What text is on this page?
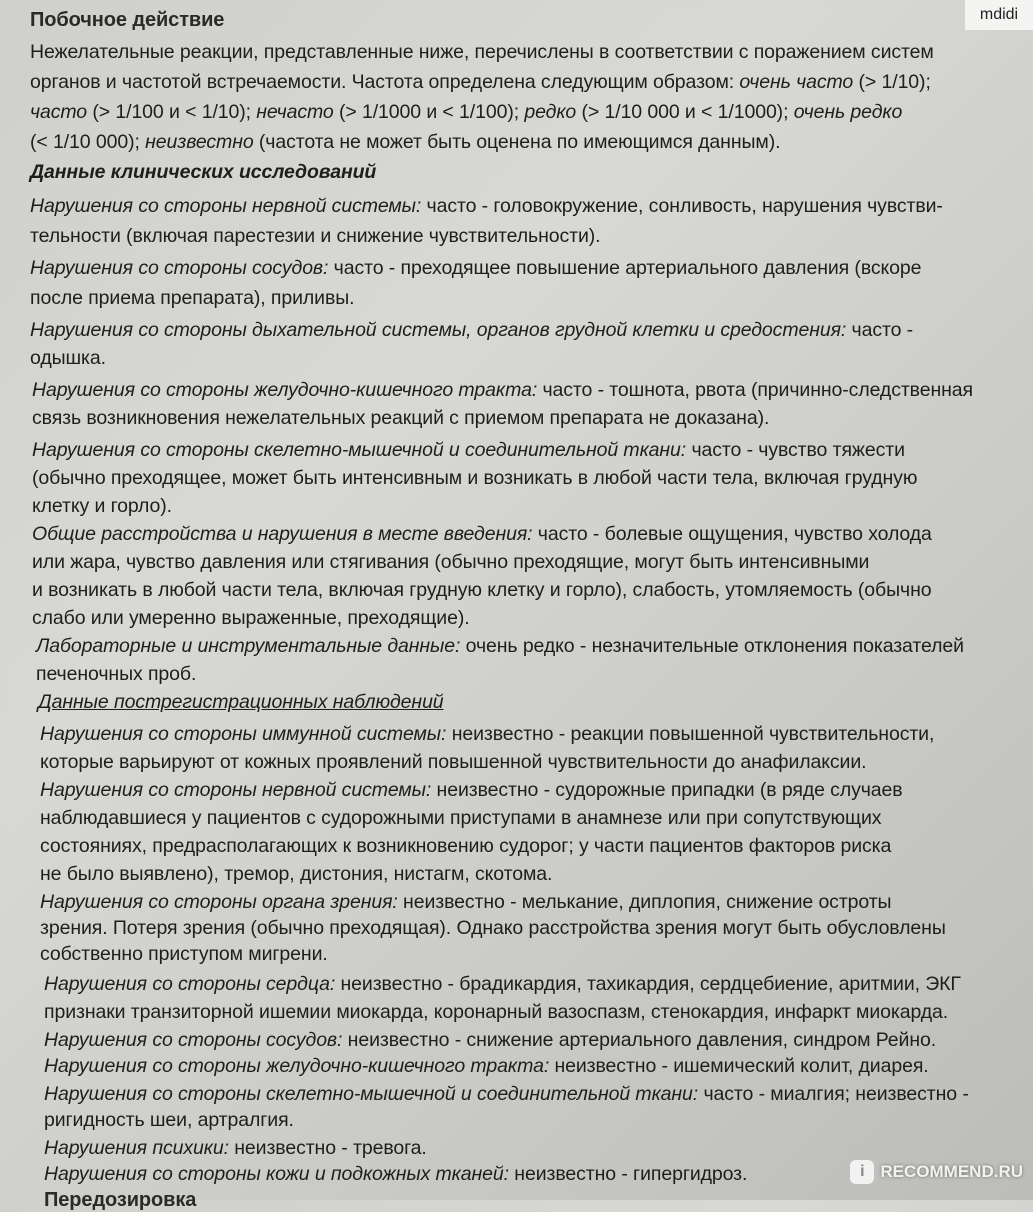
Побочное действие
Нежелательные реакции, представленные ниже, перечислены в соответствии с поражением систем
органов и частотой встречаемости. Частота определена следующим образом: очень часто (> 1/10);
часто (> 1/100 и < 1/10); нечасто (> 1/1000 и < 1/100); редко (> 1/10 000 и < 1/1000); очень редко
(< 1/10 000); неизвестно (частота не может быть оценена по имеющимся данным).
Данные клинических исследований
Нарушения со стороны нервной системы: часто - головокружение, сонливость, нарушения чувстви-
тельности (включая парестезии и снижение чувствительности).
Нарушения со стороны сосудов: часто - преходящее повышение артериального давления (вскоре
после приема препарата), приливы.
Нарушения со стороны дыхательной системы, органов грудной клетки и средостения: часто -
одышка.
Нарушения со стороны желудочно-кишечного тракта: часто - тошнота, рвота (причинно-следственная
связь возникновения нежелательных реакций с приемом препарата не доказана).
Нарушения со стороны скелетно-мышечной и соединительной ткани: часто - чувство тяжести
(обычно преходящее, может быть интенсивным и возникать в любой части тела, включая грудную
клетку и горло).
Общие расстройства и нарушения в месте введения: часто - болевые ощущения, чувство холода
или жара, чувство давления или стягивания (обычно преходящие, могут быть интенсивными
и возникать в любой части тела, включая грудную клетку и горло), слабость, утомляемость (обычно
слабо или умеренно выраженные, преходящие).
Лабораторные и инструментальные данные: очень редко - незначительные отклонения показателей
печеночных проб.
Данные пострегистрационных наблюдений
Нарушения со стороны иммунной системы: неизвестно - реакции повышенной чувствительности,
которые варьируют от кожных проявлений повышенной чувствительности до анафилаксии.
Нарушения со стороны нервной системы: неизвестно - судорожные припадки (в ряде случаев
наблюдавшиеся у пациентов с судорожными приступами в анамнезе или при сопутствующих
состояниях, предрасполагающих к возникновению судорог; у части пациентов факторов риска
не было выявлено), тремор, дистония, нистагм, скотома.
Нарушения со стороны органа зрения: неизвестно - мелькание, диплопия, снижение остроты
зрения. Потеря зрения (обычно преходящая). Однако расстройства зрения могут быть обусловлены
собственно приступом мигрени.
Нарушения со стороны сердца: неизвестно - брадикардия, тахикардия, сердцебиение, аритмии, ЭКГ
признаки транзиторной ишемии миокарда, коронарный вазоспазм, стенокардия, инфаркт миокарда.
Нарушения со стороны сосудов: неизвестно - снижение артериального давления, синдром Рейно.
Нарушения со стороны желудочно-кишечного тракта: неизвестно - ишемический колит, диарея.
Нарушения со стороны скелетно-мышечной и соединительной ткани: часто - миалгия; неизвестно -
ригидность шеи, артралгия.
Нарушения психики: неизвестно - тревога.
Нарушения со стороны кожи и подкожных тканей: неизвестно - гипергидроз.
Передозировка
mdidi
i RECOMMEND.RU
